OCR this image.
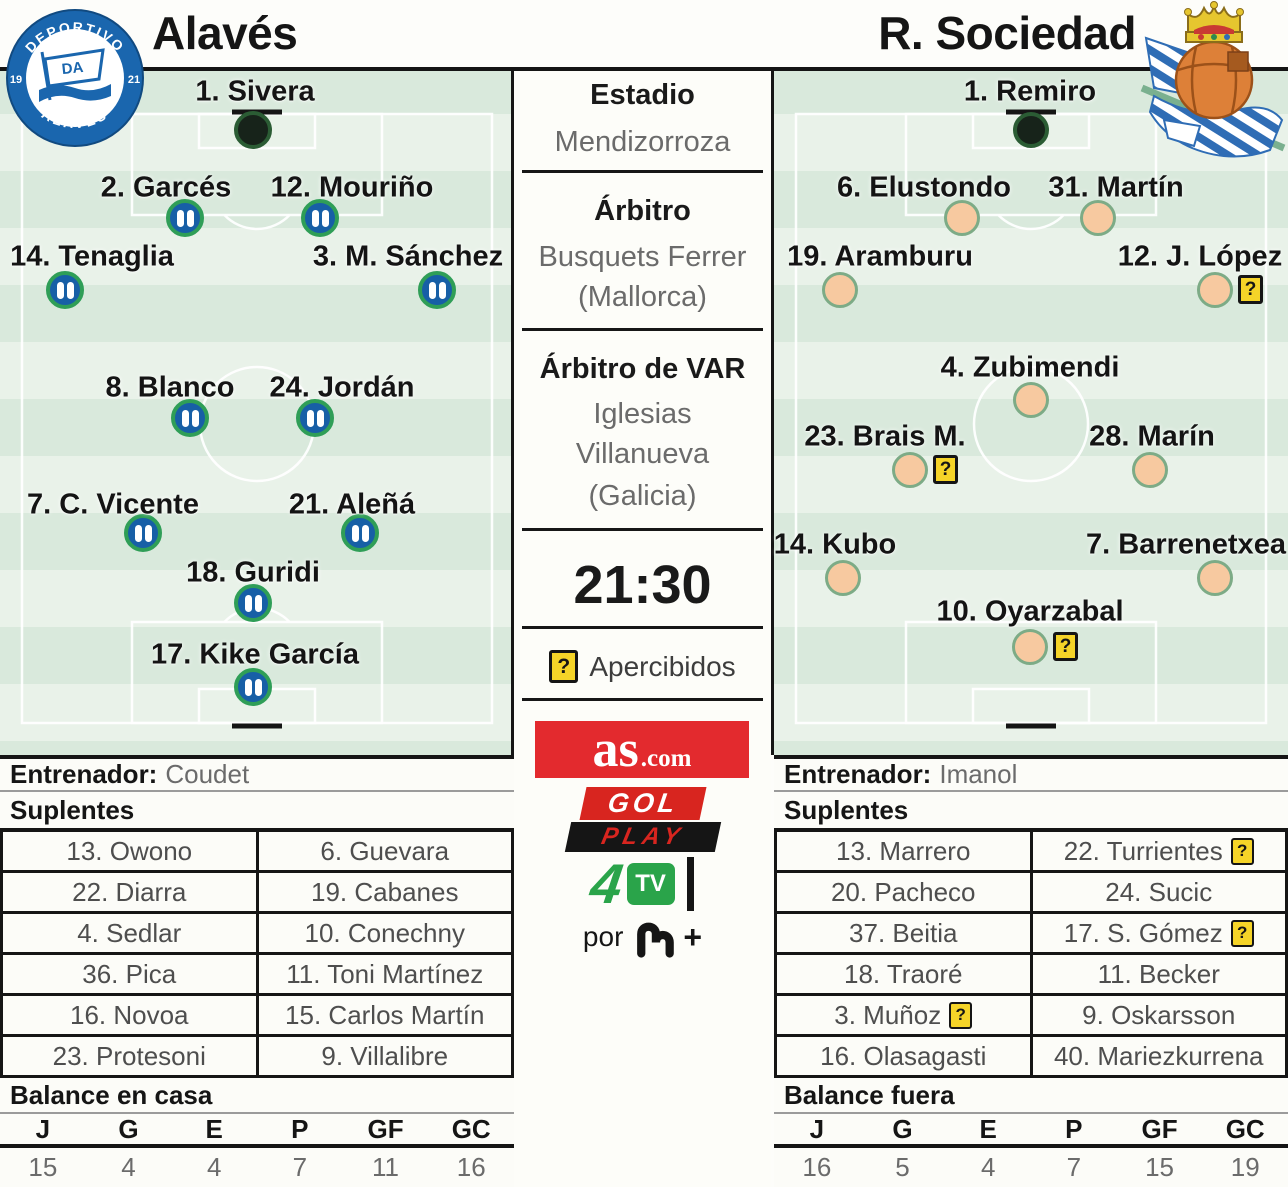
Alavés	R. Sociedad
DEPORTIVO
ALAVÉS
19	21
DA
1. Sivera
2. Garcés 12. Mouriño
14. Tenaglia	3. M. Sánchez
8. Blanco 24. Jordán
7. C. Vicente	21. Aleñá
18. Guridi
17. Kike García
1. Remiro
6. Elustondo 31. Martín
19. Aramburu	12. J. López
?
4. Zubimendi
23. Brais M.
?
28. Marín
14. Kubo	7. Barrenetxea
10. Oyarzabal
?
Estadio
Mendizorroza
Árbitro
Busquets Ferrer
(Mallorca)
Árbitro de VAR
Iglesias
Villanueva
(Galicia)
21:30
? Apercibidos
as .com
GOL
PLAY
4 TV
por +
Entrenador: Coudet
Suplentes
13. Owono	6. Guevara
22. Diarra	19. Cabanes
4. Sedlar	10. Conechny
36. Pica	11. Toni Martínez
16. Novoa	15. Carlos Martín
23. Protesoni	9. Villalibre
Balance en casa
J	G	E	P	GF	GC
15	4	4	7	11	16
Entrenador: Imanol
Suplentes
13. Marrero	22. Turrientes ?
20. Pacheco	24. Sucic
37. Beitia	17. S. Gómez ?
18. Traoré	11. Becker
3. Muñoz ?	9. Oskarsson
16. Olasagasti	40. Mariezkurrena
Balance fuera
J	G	E	P	GF	GC
16	5	4	7	15	19
